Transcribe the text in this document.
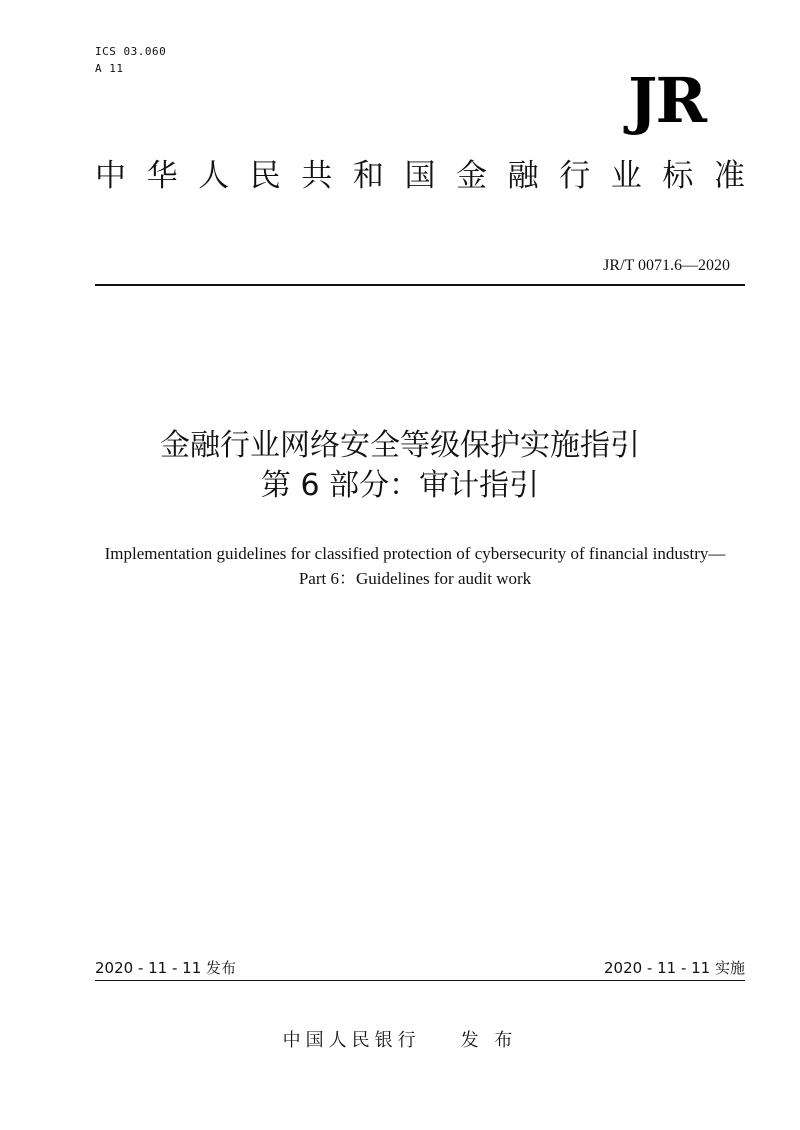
ICS 03.060
A 11	JR
中 华 人 民 共 和 国 金 融 行 业 标 准
JR/T 0071.6—2020
金融行业网络安全等级保护实施指引
第 6 部分：审计指引
Implementation guidelines for classified protection of cybersecurity of financial industry—Part 6：Guidelines for audit work
2020 - 11 - 11 发布	2020 - 11 - 11 实施
中国人民银行 发 布
